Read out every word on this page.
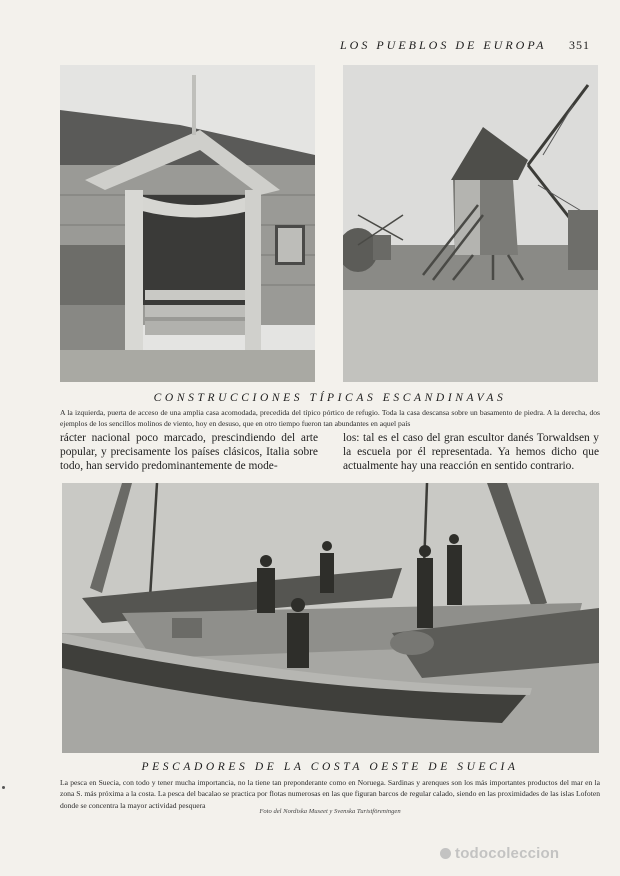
LOS PUEBLOS DE EUROPA 351
CONSTRUCCIONES TÍPICAS ESCANDINAVAS
A la izquierda, puerta de acceso de una amplia casa acomodada, precedida del típico pórtico de refugio. Toda la casa descansa sobre un basamento de piedra. A la derecha, dos ejemplos de los sencillos molinos de viento, hoy en desuso, que en otro tiempo fueron tan abundantes en aquel país

rácter nacional poco marcado, prescindiendo del arte popular, y precisamente los países clásicos, Italia sobre todo, han servido predominantemente de mode-

los: tal es el caso del gran escultor danés Torwaldsen y la escuela por él representada. Ya hemos dicho que actualmente hay una reacción en sentido contrario.

PESCADORES DE LA COSTA OESTE DE SUECIA
La pesca en Suecia, con todo y tener mucha importancia, no la tiene tan preponderante como en Noruega. Sardinas y arenques son los más importantes productos del mar en la zona S. más próxima a la costa. La pesca del bacalao se practica por flotas numerosas en las que figuran barcos de regular calado, siendo en las proximidades de las islas Lofoten donde se concentra la mayor actividad pesquera
Foto del Nordiska Museet y Svenska Turistföreningen
todocoleccion
